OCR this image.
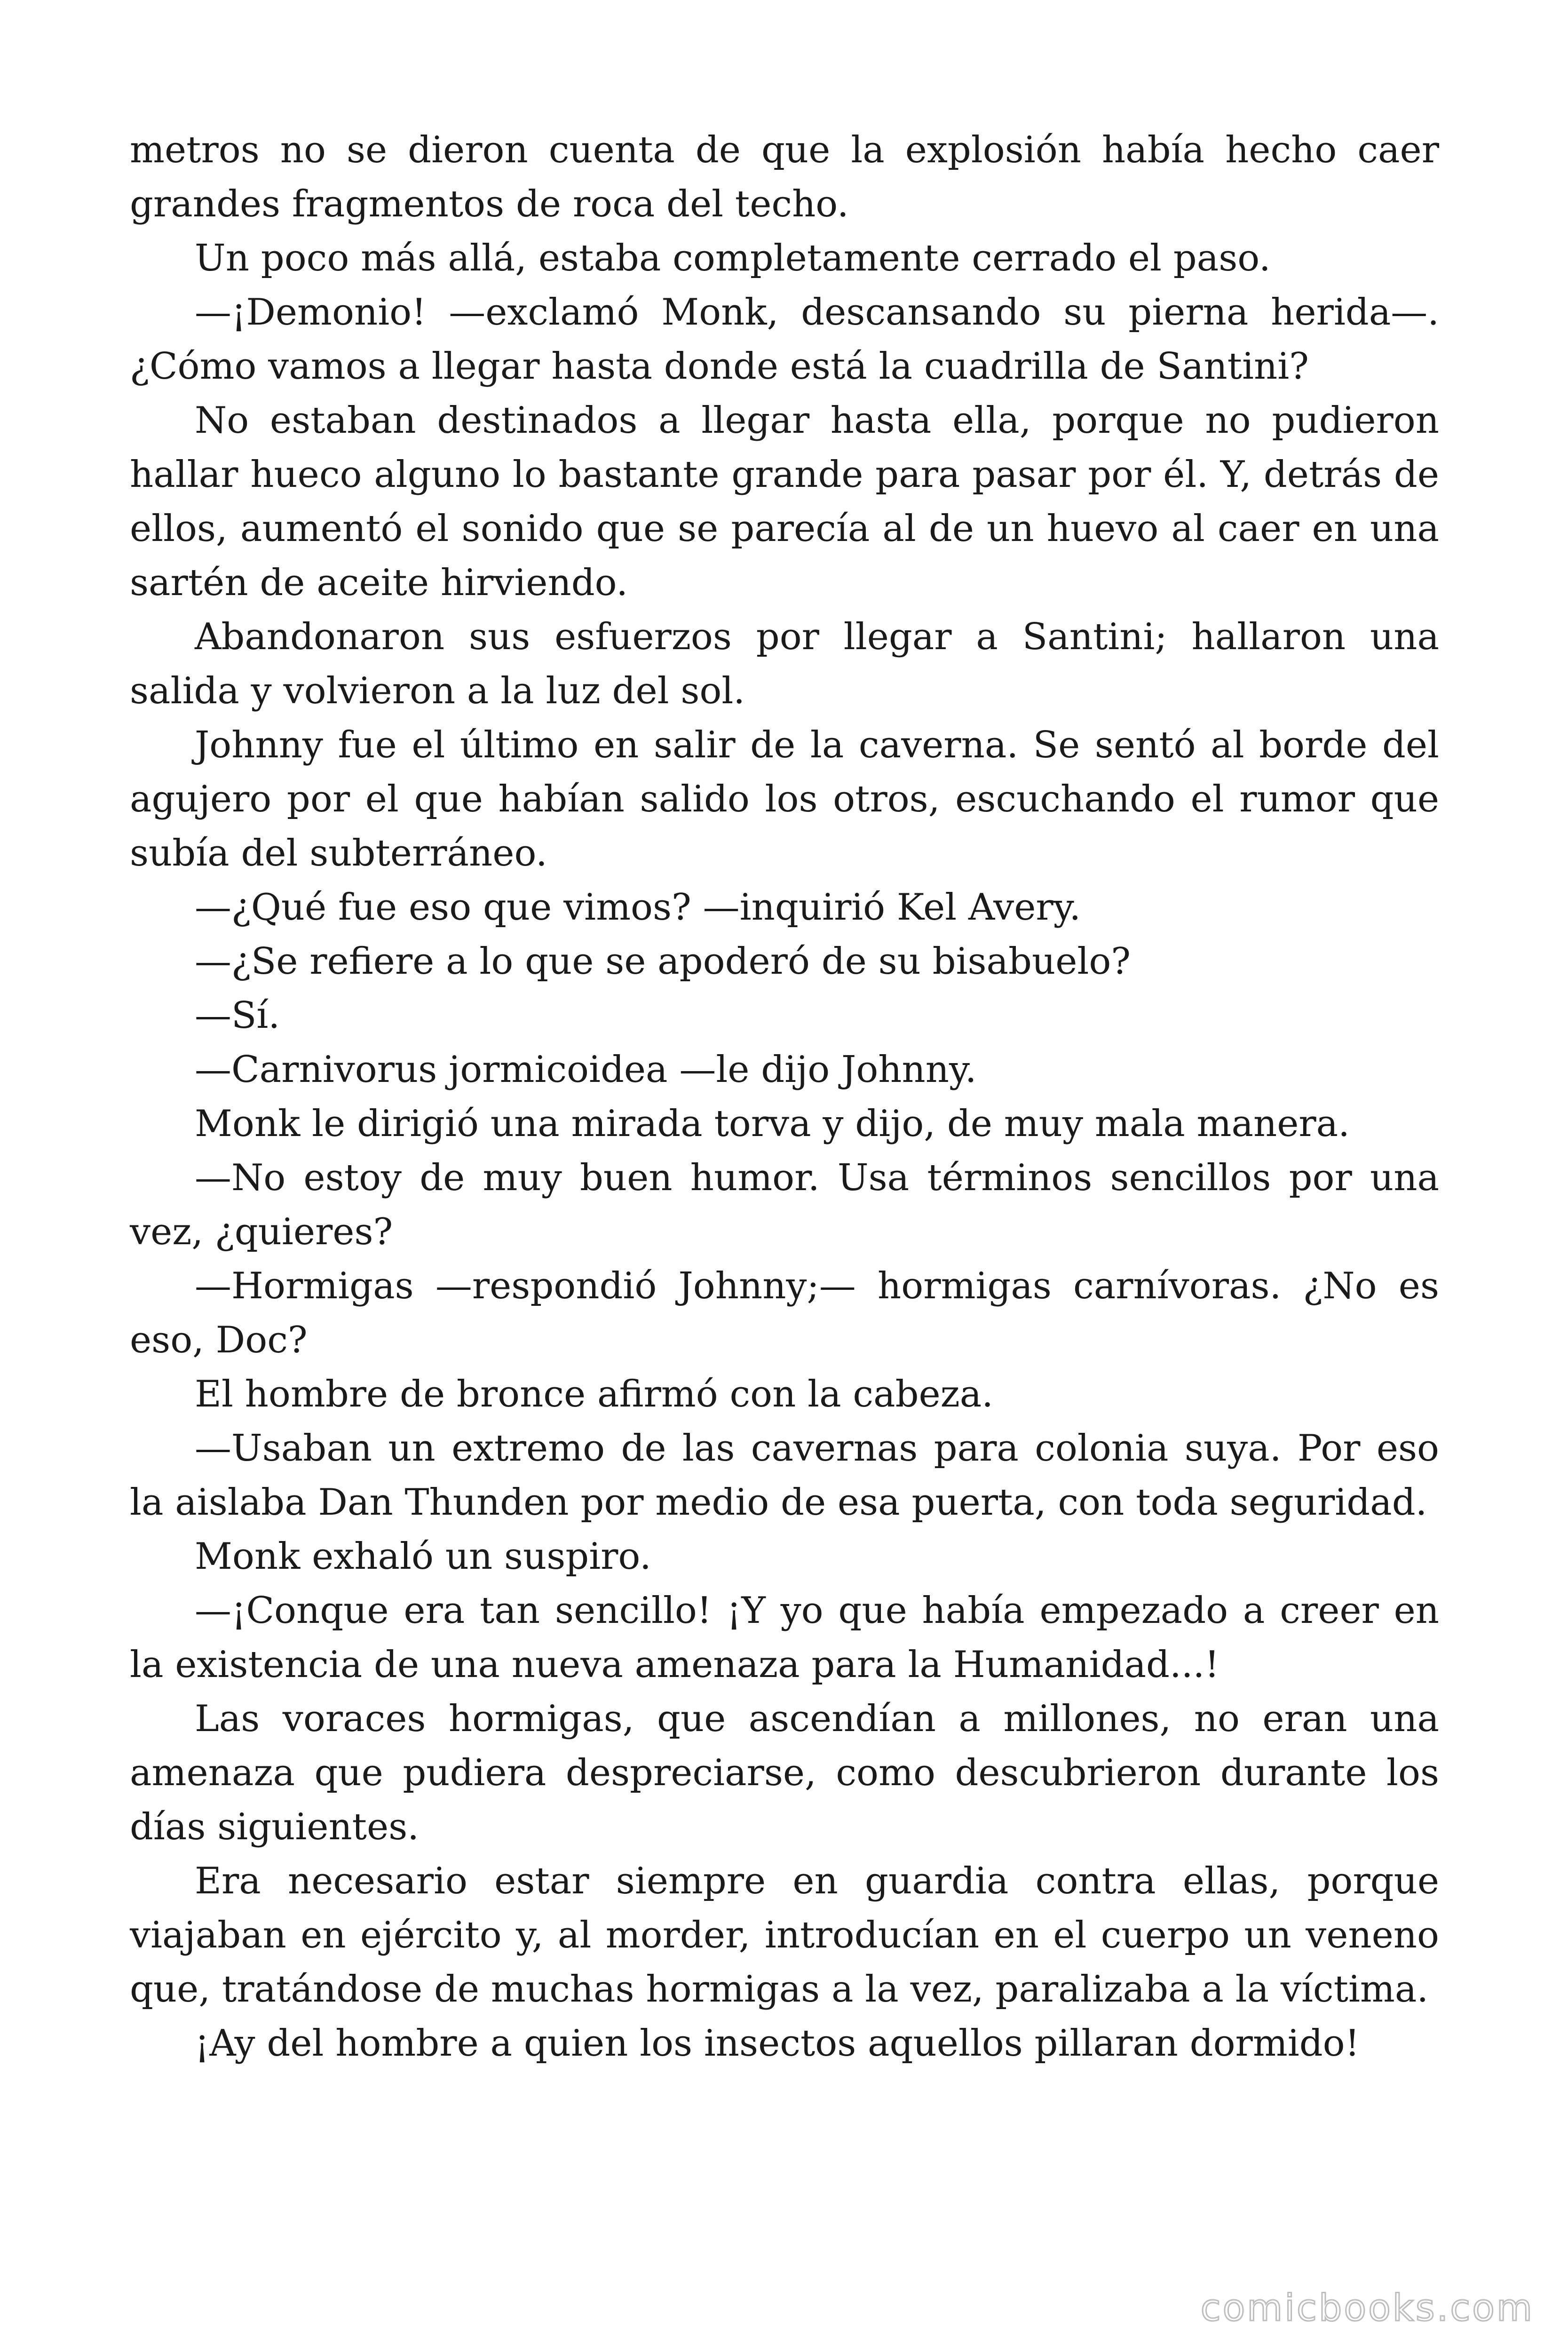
metros no se dieron cuenta de que la explosión había hecho caer grandes fragmentos de roca del techo.

Un poco más allá, estaba completamente cerrado el paso.

—¡Demonio! —exclamó Monk, descansando su pierna herida—. ¿Cómo vamos a llegar hasta donde está la cuadrilla de Santini?

No estaban destinados a llegar hasta ella, porque no pudieron hallar hueco alguno lo bastante grande para pasar por él. Y, detrás de ellos, aumentó el sonido que se parecía al de un huevo al caer en una sartén de aceite hirviendo.

Abandonaron sus esfuerzos por llegar a Santini; hallaron una salida y volvieron a la luz del sol.

Johnny fue el último en salir de la caverna. Se sentó al borde del agujero por el que habían salido los otros, escuchando el rumor que subía del subterráneo.

—¿Qué fue eso que vimos? —inquirió Kel Avery.

—¿Se refiere a lo que se apoderó de su bisabuelo?

—Sí.

—Carnivorus jormicoidea —le dijo Johnny.

Monk le dirigió una mirada torva y dijo, de muy mala manera.

—No estoy de muy buen humor. Usa términos sencillos por una vez, ¿quieres?

—Hormigas —respondió Johnny;— hormigas carnívoras. ¿No es eso, Doc?

El hombre de bronce afirmó con la cabeza.

—Usaban un extremo de las cavernas para colonia suya. Por eso la aislaba Dan Thunden por medio de esa puerta, con toda seguridad.

Monk exhaló un suspiro.

—¡Conque era tan sencillo! ¡Y yo que había empezado a creer en la existencia de una nueva amenaza para la Humanidad...!

Las voraces hormigas, que ascendían a millones, no eran una amenaza que pudiera despreciarse, como descubrieron durante los días siguientes.

Era necesario estar siempre en guardia contra ellas, porque viajaban en ejército y, al morder, introducían en el cuerpo un veneno que, tratándose de muchas hormigas a la vez, paralizaba a la víctima.

¡Ay del hombre a quien los insectos aquellos pillaran dormido!

comicbooks.com
